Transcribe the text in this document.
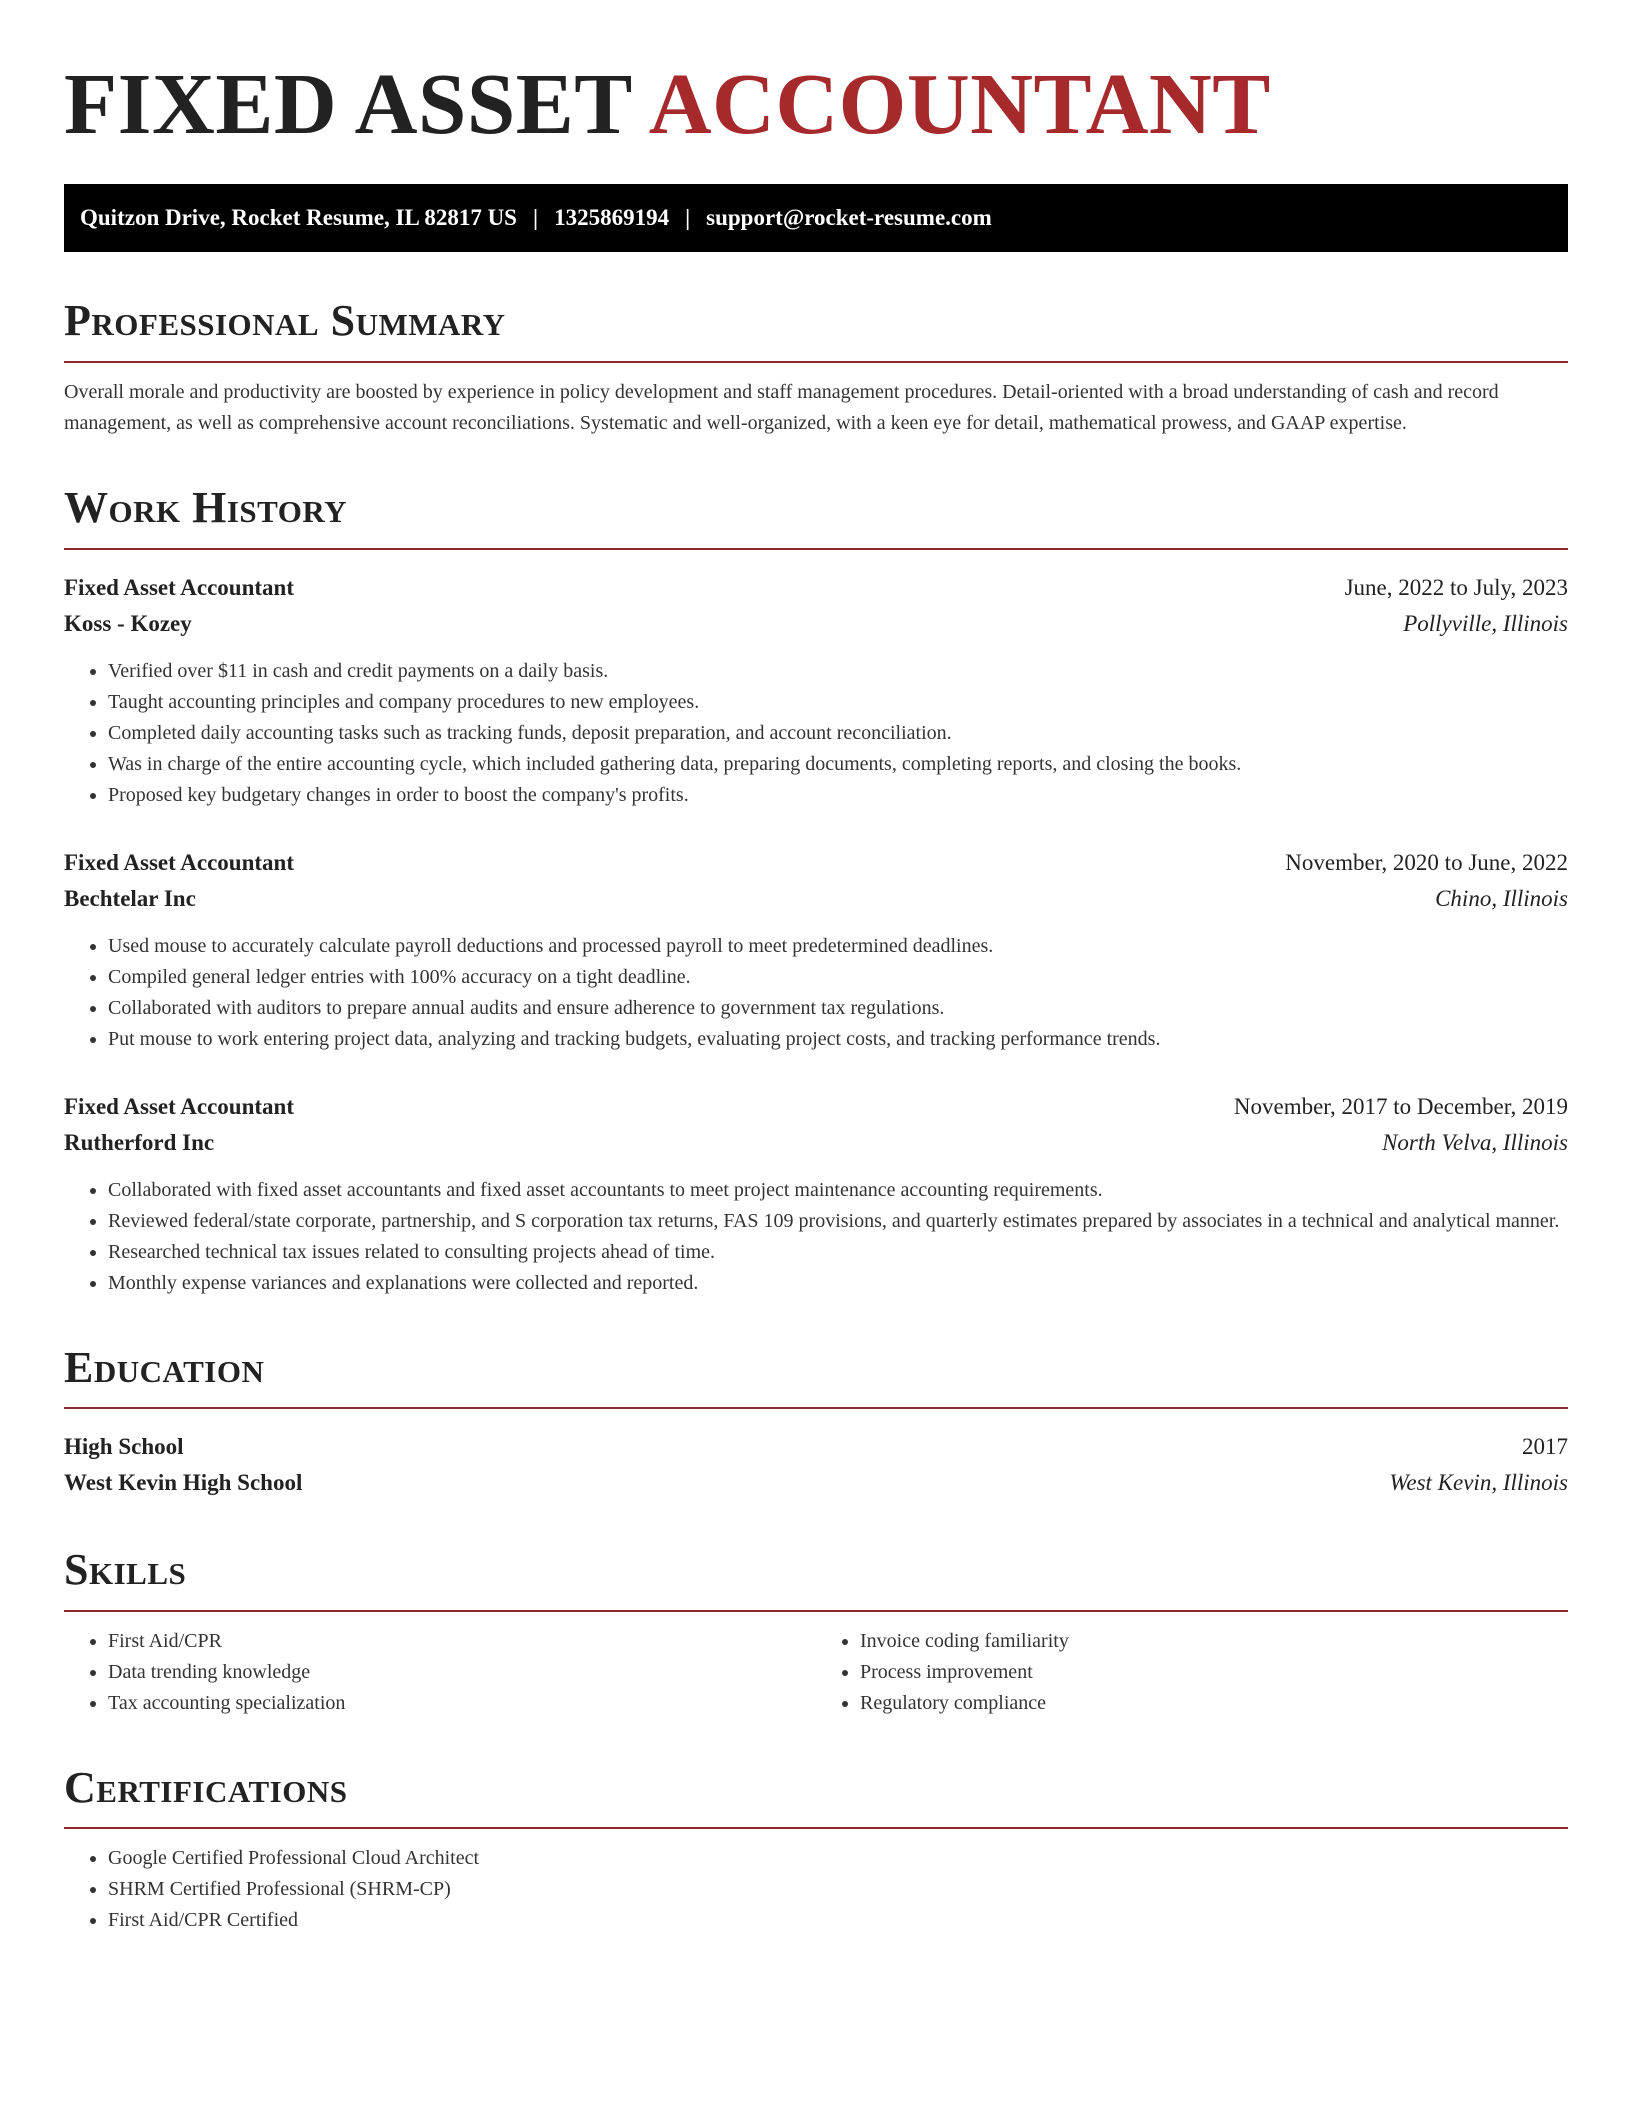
FIXED ASSET ACCOUNTANT
Quitzon Drive, Rocket Resume, IL 82817 US | 1325869194 | support@rocket-resume.com
Professional Summary
Overall morale and productivity are boosted by experience in policy development and staff management procedures. Detail-oriented with a broad understanding of cash and record management, as well as comprehensive account reconciliations. Systematic and well-organized, with a keen eye for detail, mathematical prowess, and GAAP expertise.
Work History
Fixed Asset Accountant	June, 2022 to July, 2023
Koss - Kozey	Pollyville, Illinois
• Verified over $11 in cash and credit payments on a daily basis.
• Taught accounting principles and company procedures to new employees.
• Completed daily accounting tasks such as tracking funds, deposit preparation, and account reconciliation.
• Was in charge of the entire accounting cycle, which included gathering data, preparing documents, completing reports, and closing the books.
• Proposed key budgetary changes in order to boost the company's profits.
Fixed Asset Accountant	November, 2020 to June, 2022
Bechtelar Inc	Chino, Illinois
• Used mouse to accurately calculate payroll deductions and processed payroll to meet predetermined deadlines.
• Compiled general ledger entries with 100% accuracy on a tight deadline.
• Collaborated with auditors to prepare annual audits and ensure adherence to government tax regulations.
• Put mouse to work entering project data, analyzing and tracking budgets, evaluating project costs, and tracking performance trends.
Fixed Asset Accountant	November, 2017 to December, 2019
Rutherford Inc	North Velva, Illinois
• Collaborated with fixed asset accountants and fixed asset accountants to meet project maintenance accounting requirements.
• Reviewed federal/state corporate, partnership, and S corporation tax returns, FAS 109 provisions, and quarterly estimates prepared by associates in a technical and analytical manner.
• Researched technical tax issues related to consulting projects ahead of time.
• Monthly expense variances and explanations were collected and reported.
Education
High School	2017
West Kevin High School	West Kevin, Illinois
Skills
• First Aid/CPR
• Data trending knowledge
• Tax accounting specialization
• Invoice coding familiarity
• Process improvement
• Regulatory compliance
Certifications
• Google Certified Professional Cloud Architect
• SHRM Certified Professional (SHRM-CP)
• First Aid/CPR Certified
